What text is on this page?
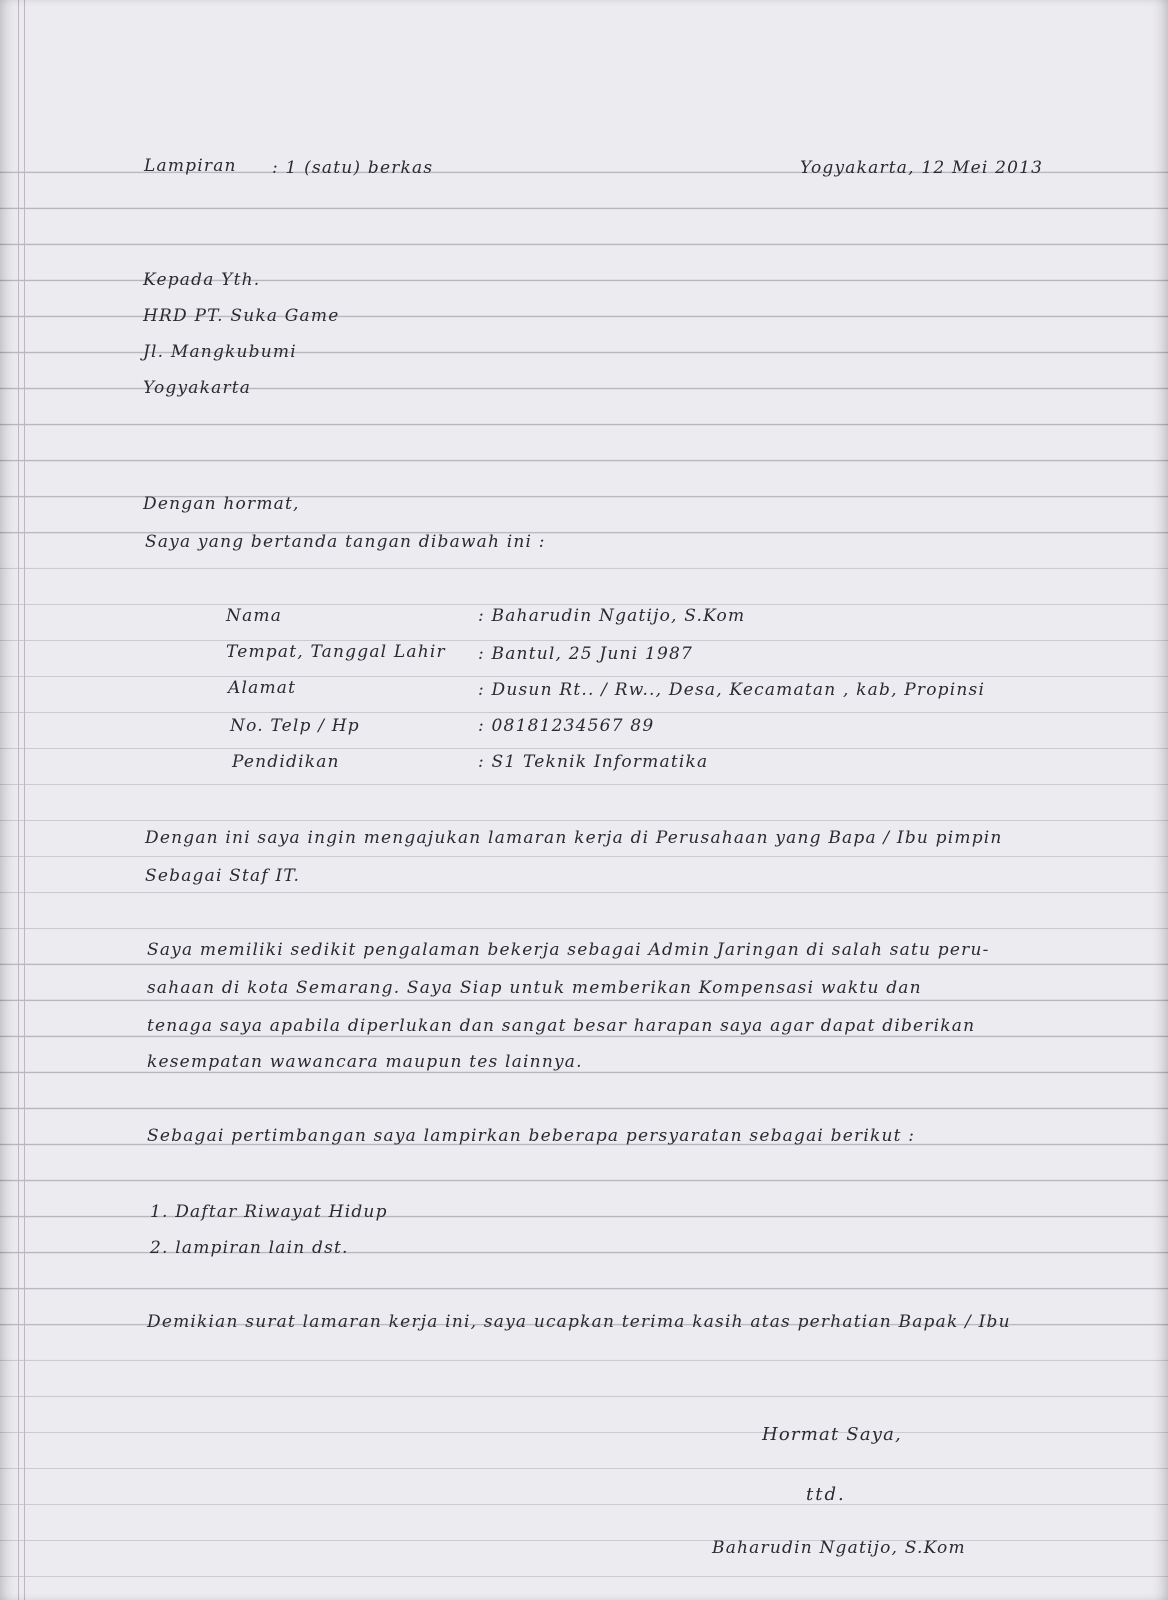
Lampiran : 1 (satu) berkas	Yogyakarta, 12 Mei 2013
Kepada Yth.
HRD PT. Suka Game
Jl. Mangkubumi
Yogyakarta
Dengan hormat,
Saya yang bertanda tangan dibawah ini :
Nama	: Baharudin Ngatijo, S.Kom
Tempat, Tanggal Lahir : Bantul, 25 Juni 1987
Alamat	: Dusun Rt.. / Rw.., Desa, Kecamatan , kab, Propinsi
No. Telp / Hp	: 08181234567 89
Pendidikan	: S1 Teknik Informatika
Dengan ini saya ingin mengajukan lamaran kerja di Perusahaan yang Bapa / Ibu pimpin
Sebagai Staf IT.
Saya memiliki sedikit pengalaman bekerja sebagai Admin Jaringan di salah satu peru-
sahaan di kota Semarang. Saya Siap untuk memberikan Kompensasi waktu dan
tenaga saya apabila diperlukan dan sangat besar harapan saya agar dapat diberikan
kesempatan wawancara maupun tes lainnya.
Sebagai pertimbangan saya lampirkan beberapa persyaratan sebagai berikut :
1. Daftar Riwayat Hidup
2. lampiran lain dst.
Demikian surat lamaran kerja ini, saya ucapkan terima kasih atas perhatian Bapak / Ibu
Hormat Saya,
ttd.
Baharudin Ngatijo, S.Kom
